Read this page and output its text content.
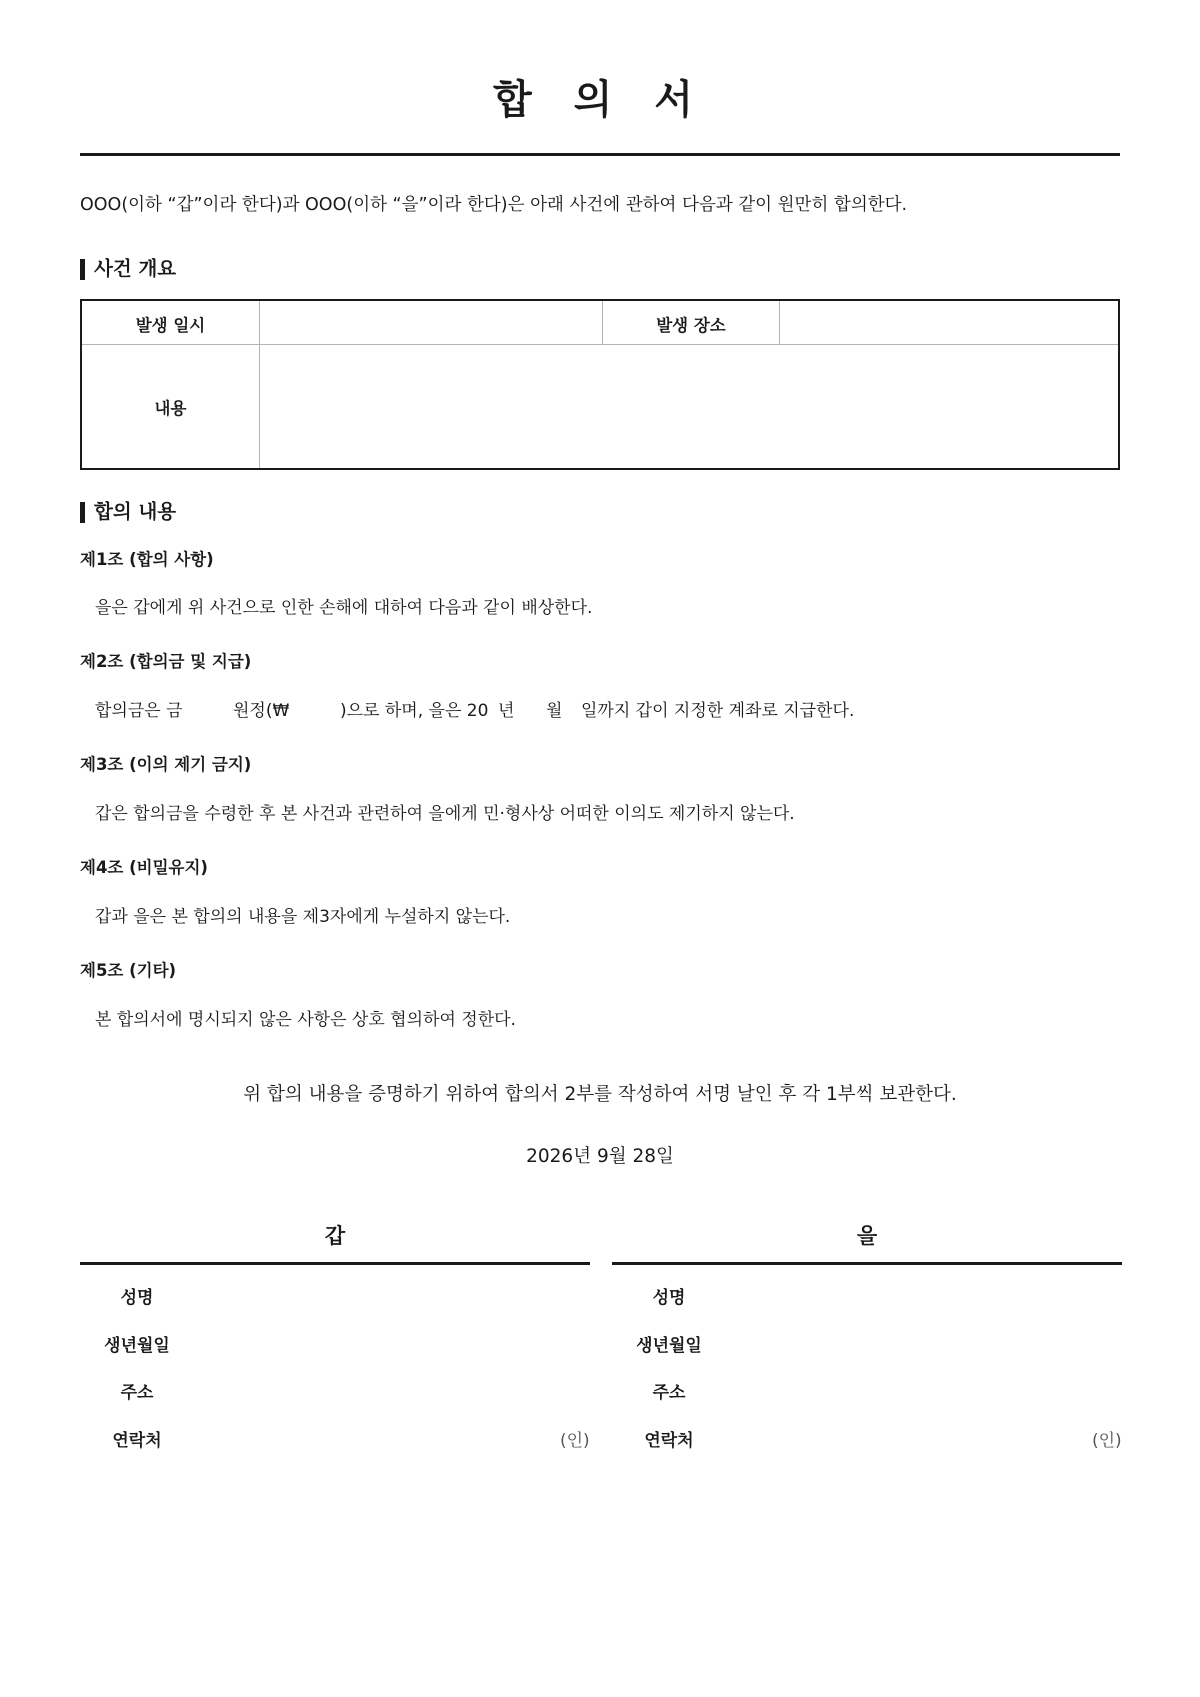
합 의 서
OOO(이하 “갑”이라 한다)과 OOO(이하 “을”이라 한다)은 아래 사건에 관하여 다음과 같이 원만히 합의한다.
사건 개요
발생 일시	발생 장소
내용
합의 내용
제1조 (합의 사항)
을은 갑에게 위 사건으로 인한 손해에 대하여 다음과 같이 배상한다.
제2조 (합의금 및 지급)
합의금은 금	원정(₩	)으로 하며, 을은 20 년 월 일까지 갑이 지정한 계좌로 지급한다.
제3조 (이의 제기 금지)
갑은 합의금을 수령한 후 본 사건과 관련하여 을에게 민·형사상 어떠한 이의도 제기하지 않는다.
제4조 (비밀유지)
갑과 을은 본 합의의 내용을 제3자에게 누설하지 않는다.
제5조 (기타)
본 합의서에 명시되지 않은 사항은 상호 협의하여 정한다.
위 합의 내용을 증명하기 위하여 합의서 2부를 작성하여 서명 날인 후 각 1부씩 보관한다.
2026년 9월 28일
갑
성명
생년월일
주소
연락처	(인)
을
성명
생년월일
주소
연락처	(인)
